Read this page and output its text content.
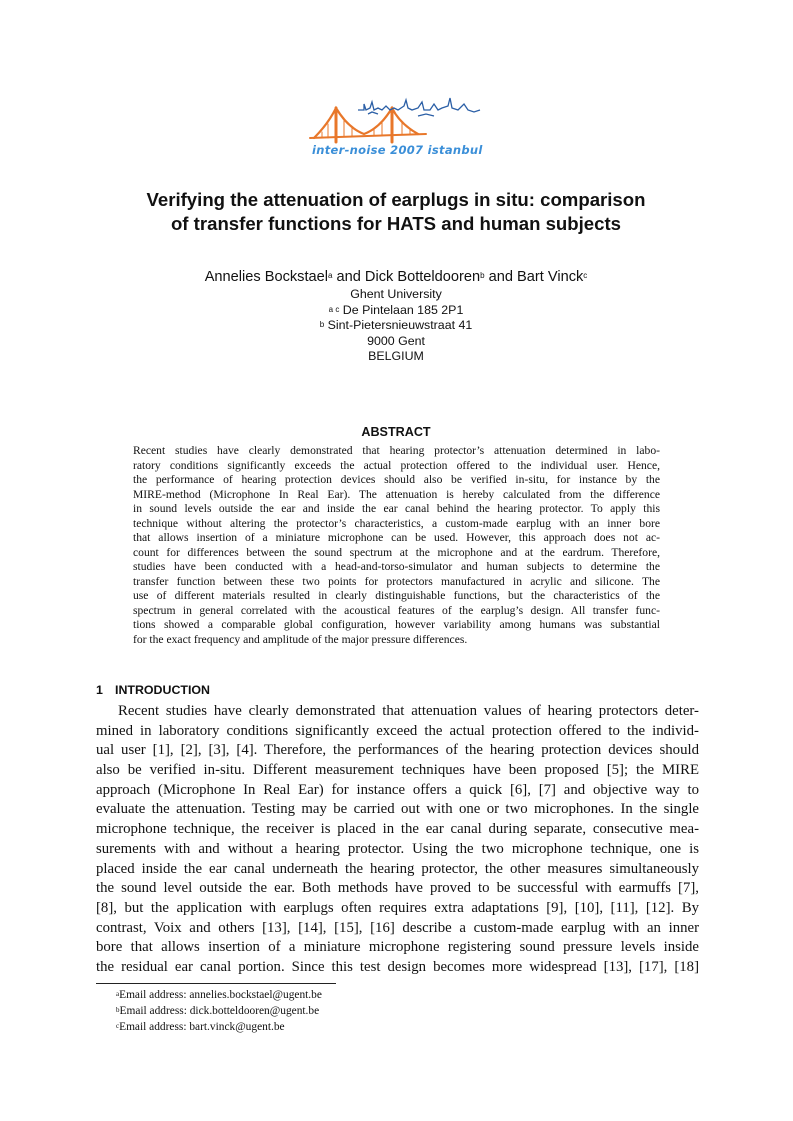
inter-noise 2007 istanbul
Verifying the attenuation of earplugs in situ: comparison
of transfer functions for HATS and human subjects
Annelies Bockstael$^a$ and Dick Botteldooren$^b$ and Bart Vinck$^c$
Ghent University
$^{a c}$ De Pintelaan 185 2P1
$^b$ Sint-Pietersnieuwstraat 41
9000 Gent
BELGIUM
ABSTRACT
Recent studies have clearly demonstrated that hearing protector’s attenuation determined in labo-
ratory conditions significantly exceeds the actual protection offered to the individual user. Hence,
the performance of hearing protection devices should also be verified in-situ, for instance by the
MIRE-method (Microphone In Real Ear). The attenuation is hereby calculated from the difference
in sound levels outside the ear and inside the ear canal behind the hearing protector. To apply this
technique without altering the protector’s characteristics, a custom-made earplug with an inner bore
that allows insertion of a miniature microphone can be used. However, this approach does not ac-
count for differences between the sound spectrum at the microphone and at the eardrum. Therefore,
studies have been conducted with a head-and-torso-simulator and human subjects to determine the
transfer function between these two points for protectors manufactured in acrylic and silicone. The
use of different materials resulted in clearly distinguishable functions, but the characteristics of the
spectrum in general correlated with the acoustical features of the earplug’s design. All transfer func-
tions showed a comparable global configuration, however variability among humans was substantial
for the exact frequency and amplitude of the major pressure differences.
1 INTRODUCTION
Recent studies have clearly demonstrated that attenuation values of hearing protectors deter-
mined in laboratory conditions significantly exceed the actual protection offered to the individ-
ual user [1], [2], [3], [4]. Therefore, the performances of the hearing protection devices should
also be verified in-situ. Different measurement techniques have been proposed [5]; the MIRE
approach (Microphone In Real Ear) for instance offers a quick [6], [7] and objective way to
evaluate the attenuation. Testing may be carried out with one or two microphones. In the single
microphone technique, the receiver is placed in the ear canal during separate, consecutive mea-
surements with and without a hearing protector. Using the two microphone technique, one is
placed inside the ear canal underneath the hearing protector, the other measures simultaneously
the sound level outside the ear. Both methods have proved to be successful with earmuffs [7],
[8], but the application with earplugs often requires extra adaptations [9], [10], [11], [12]. By
contrast, Voix and others [13], [14], [15], [16] describe a custom-made earplug with an inner
bore that allows insertion of a miniature microphone registering sound pressure levels inside
the residual ear canal portion. Since this test design becomes more widespread [13], [17], [18]
$^a$Email address: annelies.bockstael@ugent.be
$^b$Email address: dick.botteldooren@ugent.be
$^c$Email address: bart.vinck@ugent.be
